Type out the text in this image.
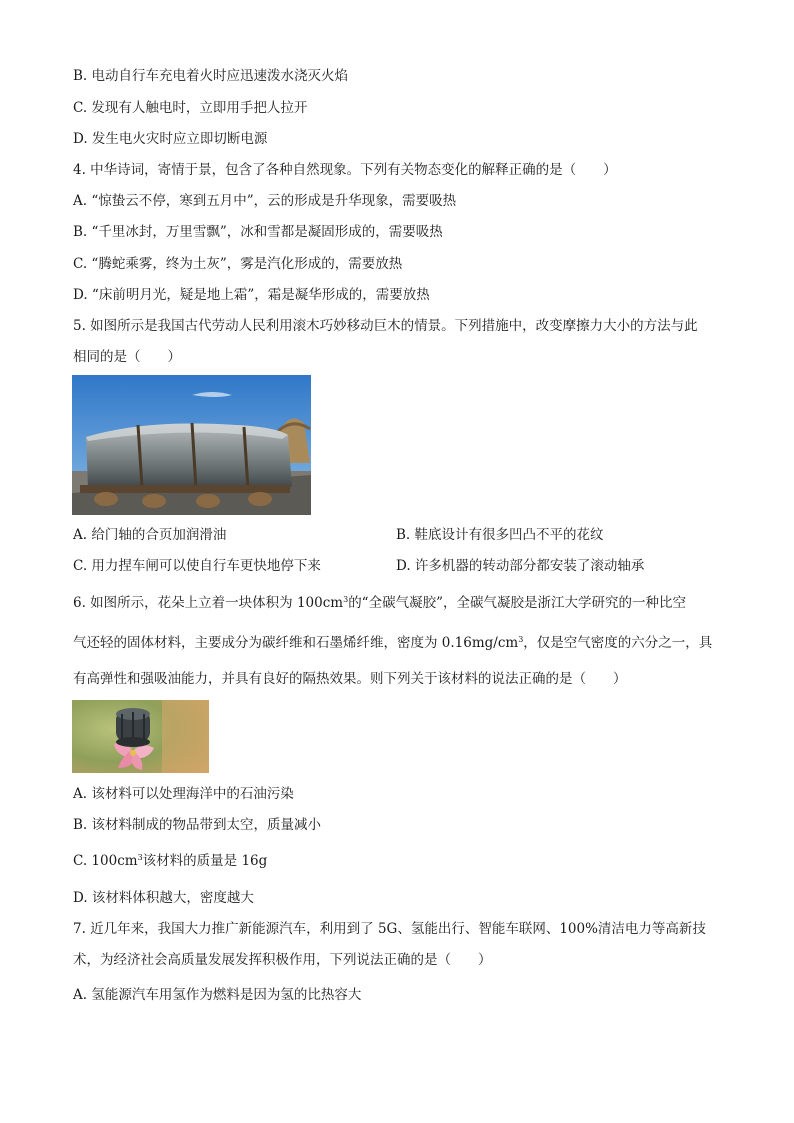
B. 电动自行车充电着火时应迅速泼水浇灭火焰
C. 发现有人触电时，立即用手把人拉开
D. 发生电火灾时应立即切断电源
4. 中华诗词，寄情于景，包含了各种自然现象。下列有关物态变化的解释正确的是（　　）
A. “惊蛰云不停，寒到五月中”，云的形成是升华现象，需要吸热
B. “千里冰封，万里雪飘”，冰和雪都是凝固形成的，需要吸热
C. “腾蛇乘雾，终为土灰”，雾是汽化形成的，需要放热
D. “床前明月光，疑是地上霜”，霜是凝华形成的，需要放热
5. 如图所示是我国古代劳动人民利用滚木巧妙移动巨木的情景。下列措施中，改变摩擦力大小的方法与此
相同的是（　　）
A. 给门轴的合页加润滑油	B. 鞋底设计有很多凹凸不平的花纹
C. 用力捏车闸可以使自行车更快地停下来	D. 许多机器的转动部分都安装了滚动轴承
6. 如图所示，花朵上立着一块体积为 $100cm^3$的“全碳气凝胶”，全碳气凝胶是浙江大学研究的一种比空
气还轻的固体材料，主要成分为碳纤维和石墨烯纤维，密度为 $0.16mg/cm^3$，仅是空气密度的六分之一，具
有高弹性和强吸油能力，并具有良好的隔热效果。则下列关于该材料的说法正确的是（　　）
A. 该材料可以处理海洋中的石油污染
B. 该材料制成的物品带到太空，质量减小
C. $100cm^3$该材料的质量是 16g
D. 该材料体积越大，密度越大
7. 近几年来，我国大力推广新能源汽车，利用到了 5G、氢能出行、智能车联网、100%清洁电力等高新技
术，为经济社会高质量发展发挥积极作用，下列说法正确的是（　　）
A. 氢能源汽车用氢作为燃料是因为氢的比热容大
